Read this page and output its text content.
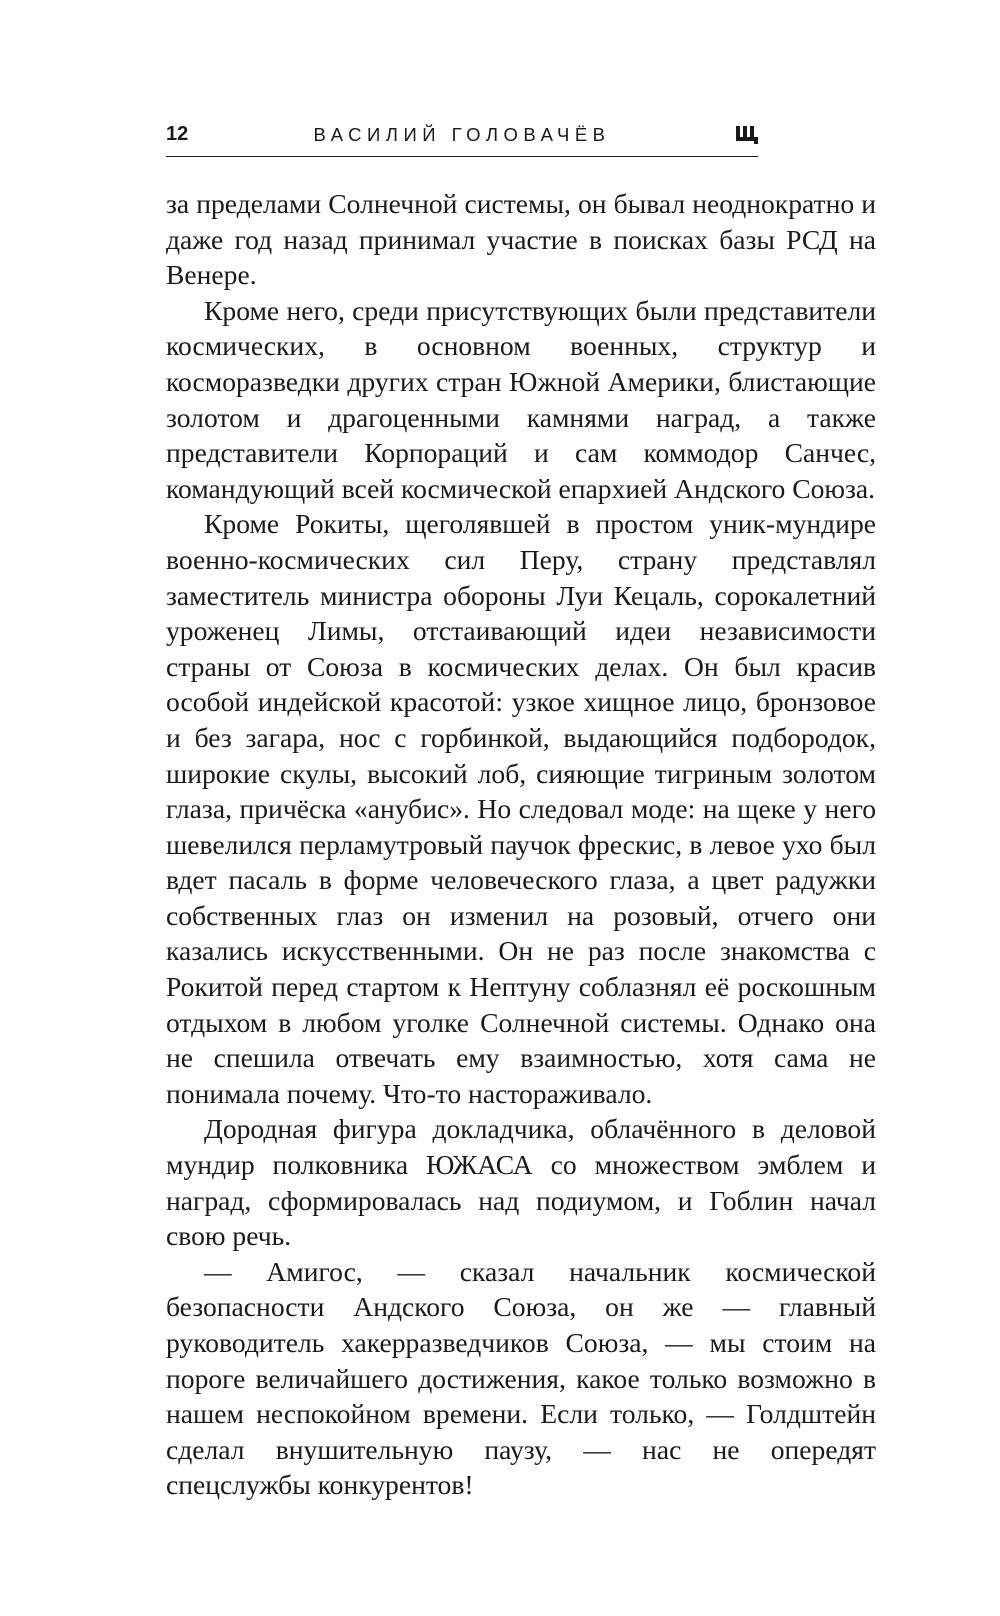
12	ВАСИЛИЙ ГОЛОВАЧЁВ

за пределами Солнечной системы, он бывал неоднократно и даже год назад принимал участие в поисках базы РСД на Венере.

Кроме него, среди присутствующих были представители космических, в основном военных, структур и косморазведки других стран Южной Америки, блистающие золотом и драгоценными камнями наград, а также представители Корпораций и сам коммодор Санчес, командующий всей космической епархией Андского Союза.

Кроме Рокиты, щеголявшей в простом уник-мундире военно-космических сил Перу, страну представлял заместитель министра обороны Луи Кецаль, сорокалетний уроженец Лимы, отстаивающий идеи независимости страны от Союза в космических делах. Он был красив особой индейской красотой: узкое хищное лицо, бронзовое и без загара, нос с горбинкой, выдающийся подбородок, широкие скулы, высокий лоб, сияющие тигриным золотом глаза, причёска «анубис». Но следовал моде: на щеке у него шевелился перламутровый паучок фрескис, в левое ухо был вдет пасаль в форме человеческого глаза, а цвет радужки собственных глаз он изменил на розовый, отчего они казались искусственными. Он не раз после знакомства с Рокитой перед стартом к Нептуну соблазнял её роскошным отдыхом в любом уголке Солнечной системы. Однако она не спешила отвечать ему взаимностью, хотя сама не понимала почему. Что-то настораживало.

Дородная фигура докладчика, облачённого в деловой мундир полковника ЮЖАСА со множеством эмблем и наград, сформировалась над подиумом, и Гоблин начал свою речь.

— Амигос, — сказал начальник космической безопасности Андского Союза, он же — главный руководитель хакерразведчиков Союза, — мы стоим на пороге величайшего достижения, какое только возможно в нашем неспокойном времени. Если только, — Голдштейн сделал внушительную паузу, — нас не опередят спецслужбы конкурентов!
